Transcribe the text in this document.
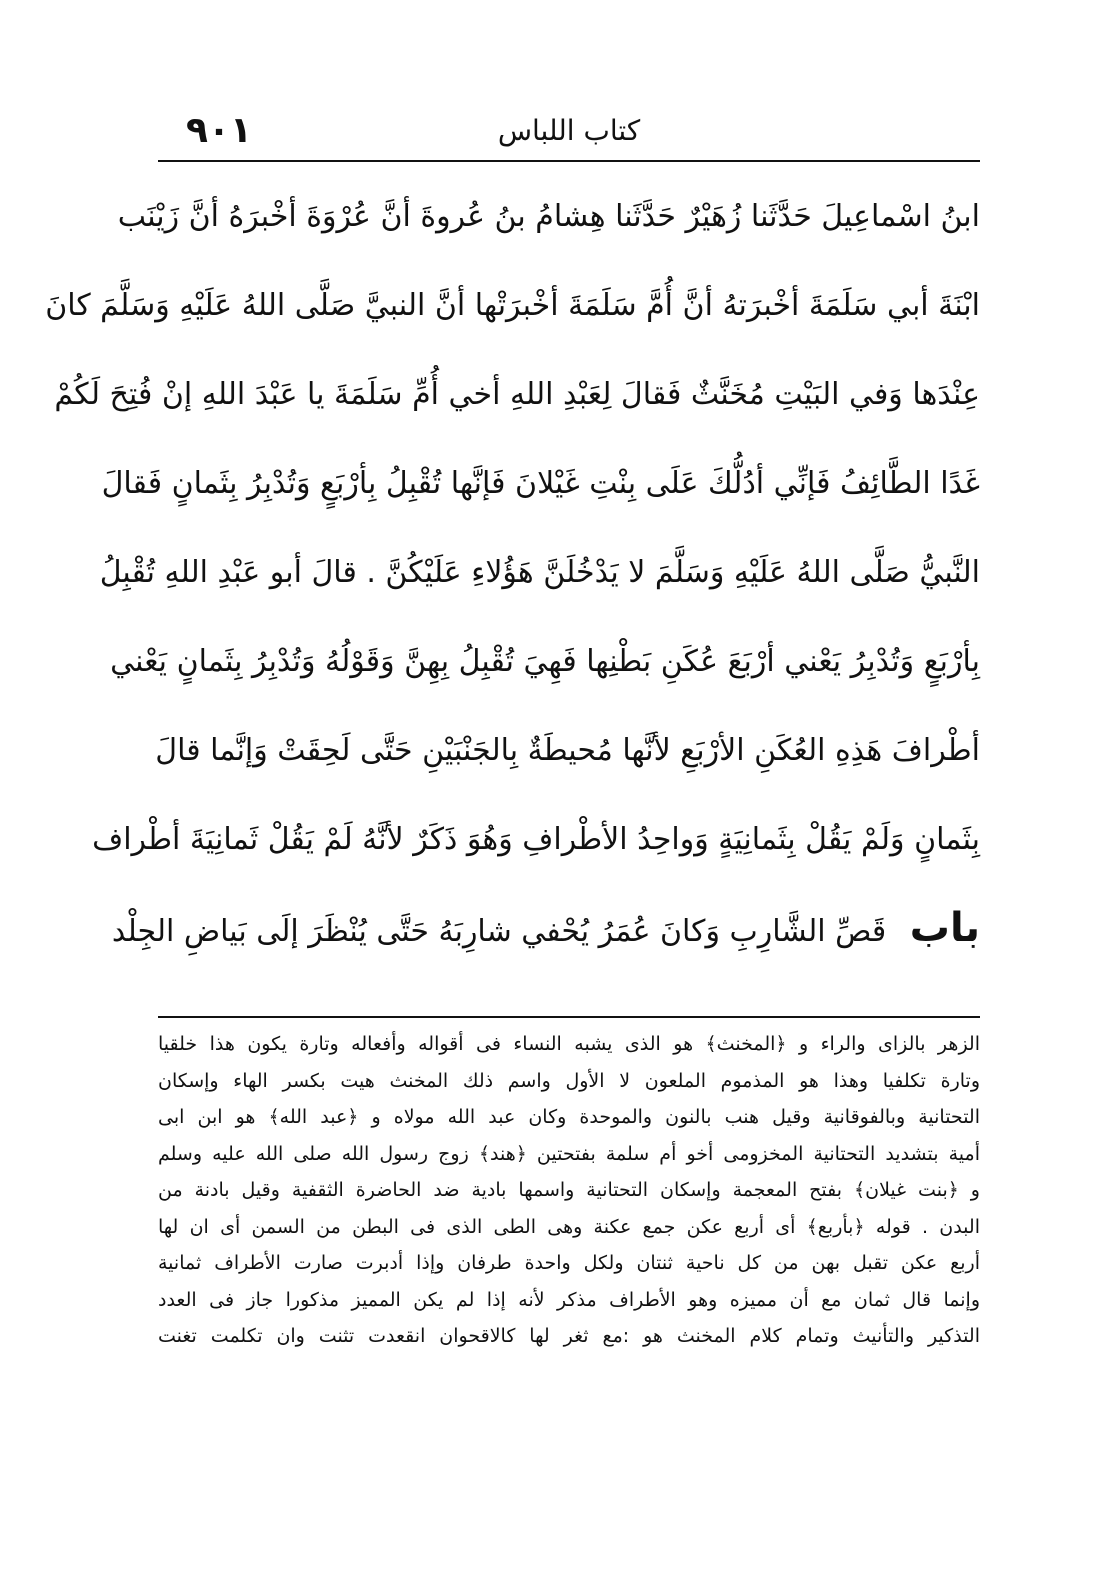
١٠٩	كتاب اللباس
ابنُ اسْماعِيلَ حَدَّثَنا زُهَيْرٌ حَدَّثَنا هِشامُ بنُ عُروةَ أنَّ عُرْوَةَ أخْبرَهُ أنَّ زَيْنَب
ابْنَةَ أبي سَلَمَةَ أخْبرَتهُ أنَّ أُمَّ سَلَمَةَ أخْبرَتْها أنَّ النبيَّ صَلَّى اللهُ عَلَيْهِ وَسَلَّمَ كانَ
عِنْدَها وَفي البَيْتِ مُخَنَّثٌ فَقالَ لِعَبْدِ اللهِ أخي أُمِّ سَلَمَةَ يا عَبْدَ اللهِ إنْ فُتِحَ لَكُمْ
غَدًا الطَّائِفُ فَإنِّي أدُلُّكَ عَلَى بِنْتِ غَيْلانَ فَإنَّها تُقْبِلُ بِأرْبَعٍ وَتُدْبِرُ بِثَمانٍ فَقالَ
النَّبيُّ صَلَّى اللهُ عَلَيْهِ وَسَلَّمَ لا يَدْخُلَنَّ هَؤُلاءِ عَلَيْكُنَّ . قالَ أبو عَبْدِ اللهِ تُقْبِلُ
بِأرْبَعٍ وَتُدْبِرُ يَعْني أرْبَعَ عُكَنِ بَطْنِها فَهِيَ تُقْبِلُ بِهِنَّ وَقَوْلُهُ وَتُدْبِرُ بِثَمانٍ يَعْني
أطْرافَ هَذِهِ العُكَنِ الأرْبَعِ لأنَّها مُحيطَةٌ بِالجَنْبَيْنِ حَتَّى لَحِقَتْ وَإنَّما قالَ
بِثَمانٍ وَلَمْ يَقُلْ بِثَمانِيَةٍ وَواحِدُ الأطْرافِ وَهُوَ ذَكَرٌ لأنَّهُ لَمْ يَقُلْ ثَمانِيَةَ أطْراف
باب قَصِّ الشَّارِبِ وَكانَ عُمَرُ يُحْفي شارِبَهُ حَتَّى يُنْظَرَ إلَى بَياضِ الجِلْد
الزهر بالزاى والراء و ﴿المخنث﴾ هو الذى يشبه النساء فى أقواله وأفعاله وتارة يكون هذا خلقيا
وتارة تكلفيا وهذا هو المذموم الملعون لا الأول واسم ذلك المخنث هيت بكسر الهاء وإسكان
التحتانية وبالفوقانية وقيل هنب بالنون والموحدة وكان عبد الله مولاه و ﴿عبد الله﴾ هو ابن ابى
أمية بتشديد التحتانية المخزومى أخو أم سلمة بفتحتين ﴿هند﴾ زوج رسول الله صلى الله عليه وسلم
و ﴿بنت غيلان﴾ بفتح المعجمة وإسكان التحتانية واسمها بادية ضد الحاضرة الثقفية وقيل بادنة من
البدن . قوله ﴿بأربع﴾ أى أربع عكن جمع عكنة وهى الطى الذى فى البطن من السمن أى ان لها
أربع عكن تقبل بهن من كل ناحية ثنتان ولكل واحدة طرفان وإذا أدبرت صارت الأطراف ثمانية
وإنما قال ثمان مع أن مميزه وهو الأطراف مذكر لأنه إذا لم يكن المميز مذكورا جاز فى العدد
التذكير والتأنيث وتمام كلام المخنث هو :مع ثغر لها كالاقحوان انقعدت تثنت وان تكلمت تغنت
